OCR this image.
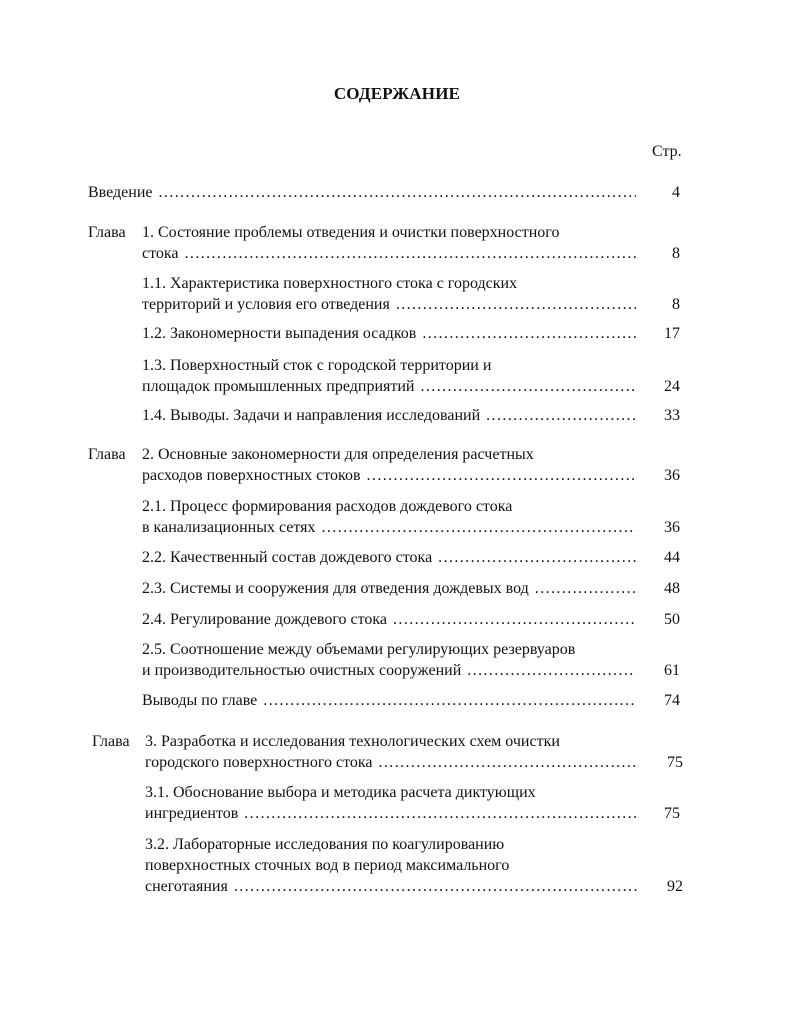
СОДЕРЖАНИЕ
Стр.
Введение .....	4
Глава 1. Состояние проблемы отведения и очистки поверхностного
стока .....	8
1.1. Характеристика поверхностного стока с городских
территорий и условия его отведения .....	8
1.2. Закономерности выпадения осадков .....	17
1.3. Поверхностный сток с городской территории и
площадок промышленных предприятий .....	24
1.4. Выводы. Задачи и направления исследований .....	33
Глава 2. Основные закономерности для определения расчетных
расходов поверхностных стоков .....	36
2.1. Процесс формирования расходов дождевого стока
в канализационных сетях .....	36
2.2. Качественный состав дождевого стока .....	44
2.3. Системы и сооружения для отведения дождевых вод .....	48
2.4. Регулирование дождевого стока .....	50
2.5. Соотношение между объемами регулирующих резервуаров
и производительностью очистных сооружений .....	61
Выводы по главе .....	74
Глава 3. Разработка и исследования технологических схем очистки
городского поверхностного стока .....	75
3.1. Обоснование выбора и методика расчета диктующих
ингредиентов .....	75
3.2. Лабораторные исследования по коагулированию
поверхностных сточных вод в период максимального
снеготаяния .....	92
